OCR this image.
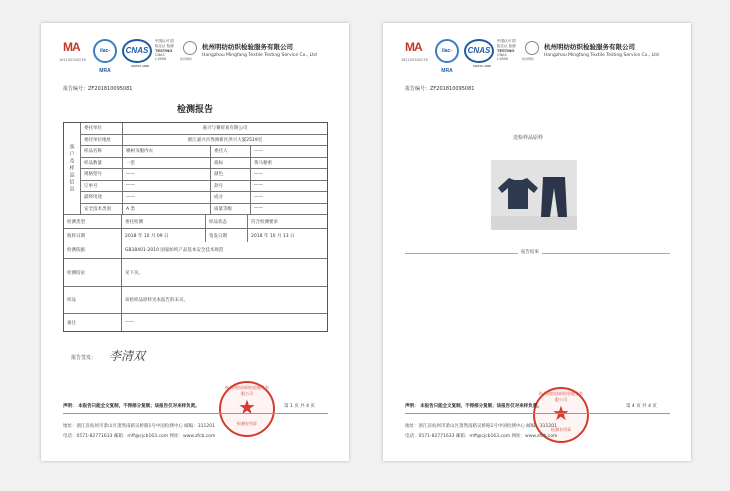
MA
161100340276
ilac-MRA
CNAS
CNAS L1966
中国认可 国际互认 检测
TESTING
CNAS L1966	杭州明纺
杭州明纺纺织检验服务有限公司
Hangzhou Mingfang Textile Testing Service Co., Ltd
报告编号：ZF201810095081
检测报告
客户及样品信息
委托单位	嘉兴与赛贸易有限公司
委托单位地址	浙江嘉兴市秀洲新区洪兴大厦2519室
样品名称	棉树书服内衣	委托人	——
样品数量	一套	商标	黄马秘密
规格型号	——	颜色	——
订单号	——	款号	——
最终用途	——	成分	——
安全技术类别	A 类	质量等级	——
检测类型	委托检测	样品状态	符合检测要求
收样日期	2018 年 10 月 09 日	签发日期	2018 年 10 月 13 日
检测依据	GB18401-2010 国家纺织产品基本安全技术规范
检测结论	见下页。
样品	该检样品原样见本报告的末页。
备注	——
报告签发： 李清双
杭州明纺纺织检验服务有限公司
★
检测专用章
声明： 本报告只能全文复制，不得部分复制；该报告仅对来样负责。	第 1 页 共 4 页
地址：浙江省杭州市萧山区萧然南路吴桥路1号中国检测中心 邮编：311201
电话：0571-82771633 邮箱：mff@cjcb163.com 网址：www.zfcb.com
MA
161100340276
ilac-MRA
CNAS
CNAS L1966
中国认可 国际互认 检测
TESTING
CNAS L1966	杭州明纺
杭州明纺纺织检验服务有限公司
Hangzhou Mingfang Textile Testing Service Co., Ltd
报告编号：ZF201810095081
送检样品原样
报告结束
杭州明纺纺织检验服务有限公司
★
检测专用章
声明： 本报告只能全文复制，不得部分复制；该报告仅对来样负责。	第 4 页 共 4 页
地址：浙江省杭州市萧山区萧然南路吴桥路1号中国检测中心 邮编：311201
电话：0571-82771633 邮箱：mff@cjcb163.com 网址：www.zfcb.com
